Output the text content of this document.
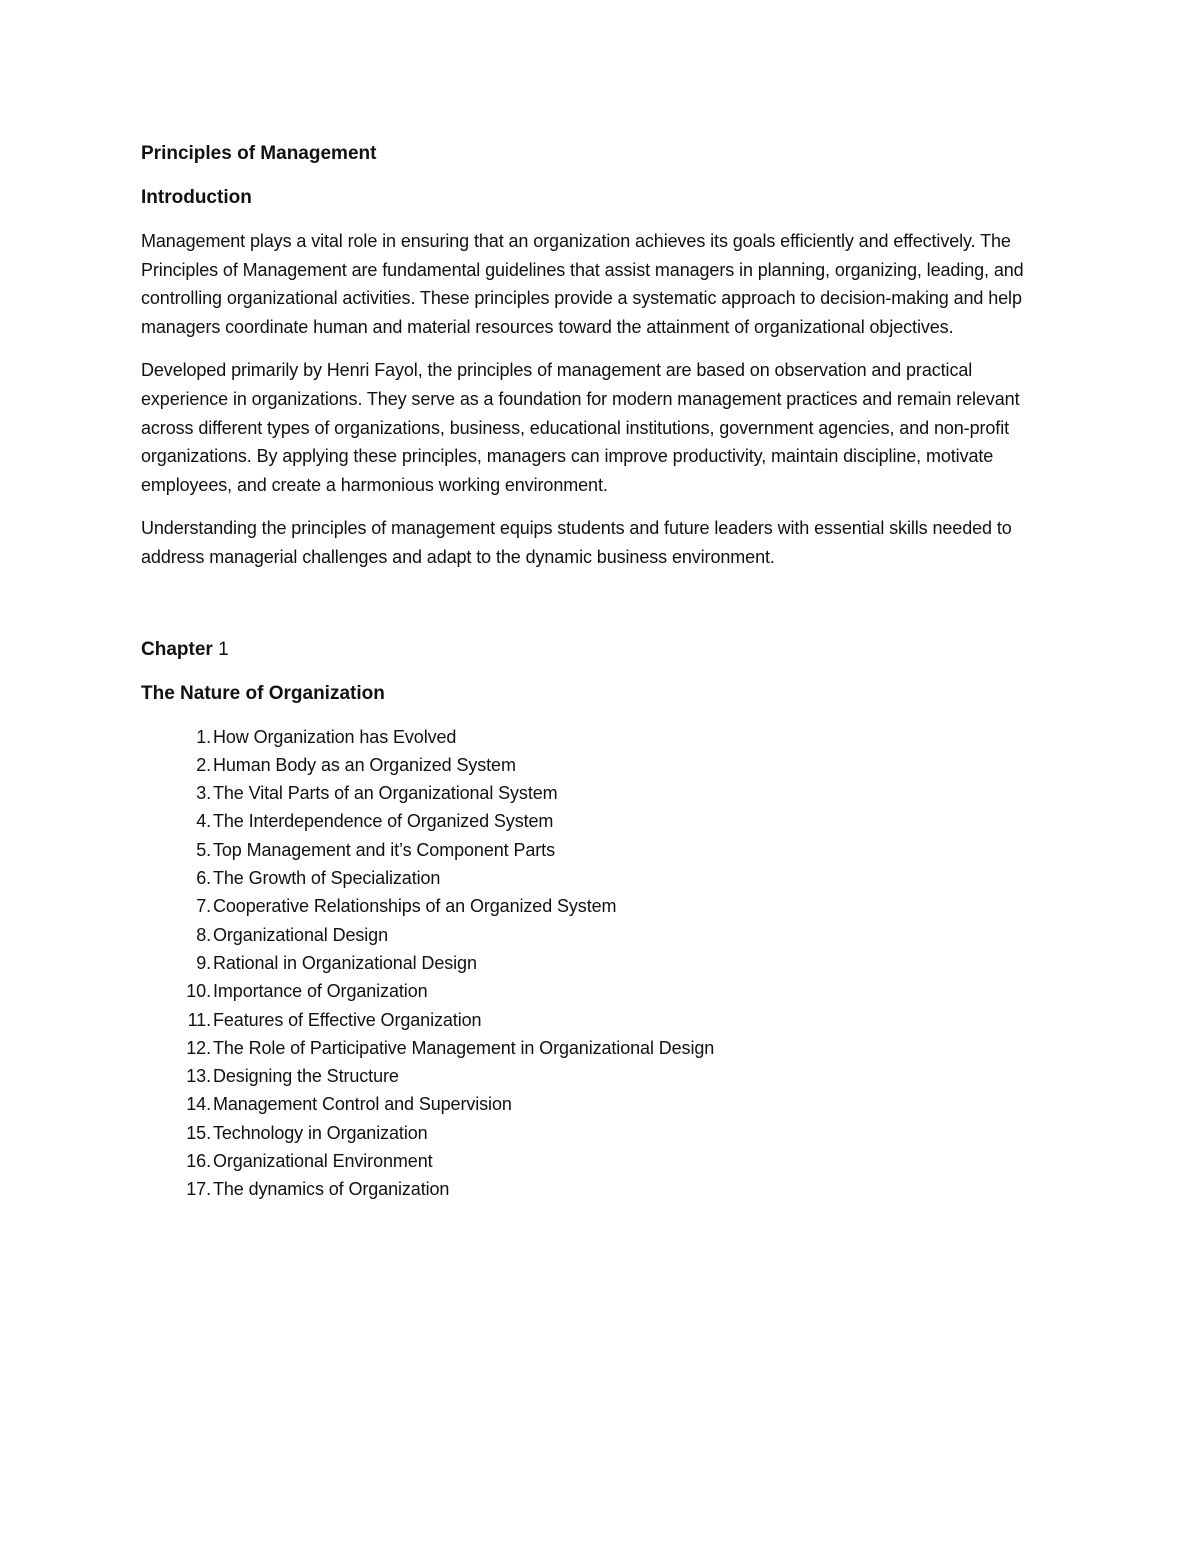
Principles of Management
Introduction

Management plays a vital role in ensuring that an organization achieves its goals efficiently and effectively. The Principles of Management are fundamental guidelines that assist managers in planning, organizing, leading, and controlling organizational activities. These principles provide a systematic approach to decision-making and help managers coordinate human and material resources toward the attainment of organizational objectives.

Developed primarily by Henri Fayol, the principles of management are based on observation and practical experience in organizations. They serve as a foundation for modern management practices and remain relevant across different types of organizations, business, educational institutions, government agencies, and non-profit organizations. By applying these principles, managers can improve productivity, maintain discipline, motivate employees, and create a harmonious working environment.

Understanding the principles of management equips students and future leaders with essential skills needed to address managerial challenges and adapt to the dynamic business environment.

Chapter 1
The Nature of Organization
1. How Organization has Evolved
2. Human Body as an Organized System
3. The Vital Parts of an Organizational System
4. The Interdependence of Organized System
5. Top Management and it’s Component Parts
6. The Growth of Specialization
7. Cooperative Relationships of an Organized System
8. Organizational Design
9. Rational in Organizational Design
10. Importance of Organization
11. Features of Effective Organization
12. The Role of Participative Management in Organizational Design
13. Designing the Structure
14. Management Control and Supervision
15. Technology in Organization
16. Organizational Environment
17. The dynamics of Organization
